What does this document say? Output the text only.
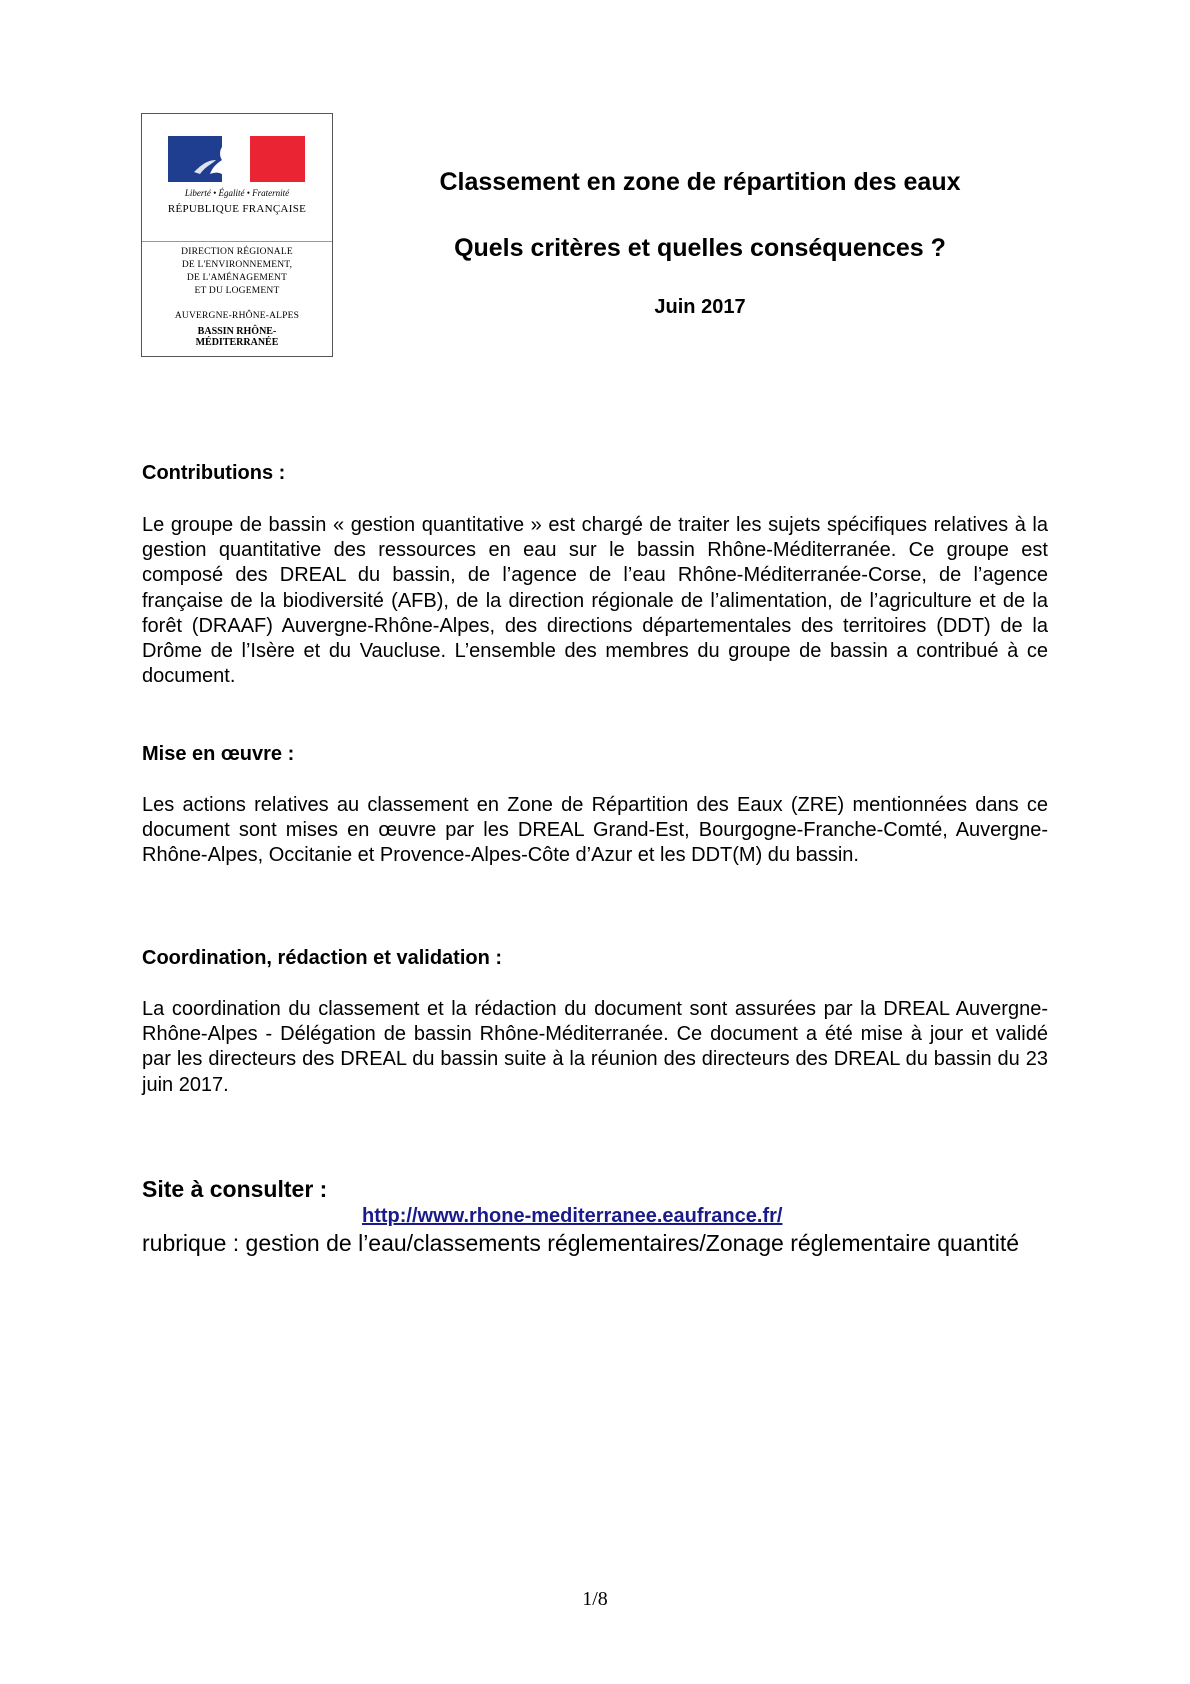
Liberté • Égalité • Fraternité
RÉPUBLIQUE FRANÇAISE
DIRECTION RÉGIONALE
DE L'ENVIRONNEMENT,
DE L'AMÉNAGEMENT
ET DU LOGEMENT
AUVERGNE-RHÔNE-ALPES
BASSIN RHÔNE-
MÉDITERRANÉE
Classement en zone de répartition des eaux
Quels critères et quelles conséquences ?
Juin 2017
Contributions :
Le groupe de bassin « gestion quantitative » est chargé de traiter les sujets spécifiques relatives à la gestion quantitative des ressources en eau sur le bassin Rhône-Méditerranée. Ce groupe est composé des DREAL du bassin, de l’agence de l’eau Rhône-Méditerranée-Corse, de l’agence française de la biodiversité (AFB), de la direction régionale de l’alimentation, de l’agriculture et de la forêt (DRAAF) Auvergne-Rhône-Alpes, des directions départementales des territoires (DDT) de la Drôme de l’Isère et du Vaucluse. L’ensemble des membres du groupe de bassin a contribué à ce document.
Mise en œuvre :
Les actions relatives au classement en Zone de Répartition des Eaux (ZRE) mentionnées dans ce document sont mises en œuvre par les DREAL Grand-Est, Bourgogne-Franche-Comté, Auvergne-Rhône-Alpes, Occitanie et Provence-Alpes-Côte d’Azur et les DDT(M) du bassin.
Coordination, rédaction et validation :
La coordination du classement et la rédaction du document sont assurées par la DREAL Auvergne-Rhône-Alpes - Délégation de bassin Rhône-Méditerranée. Ce document a été mise à jour et validé par les directeurs des DREAL du bassin suite à la réunion des directeurs des DREAL du bassin du 23 juin 2017.
Site à consulter :
http://www.rhone-mediterranee.eaufrance.fr/
rubrique : gestion de l’eau/classements réglementaires/Zonage réglementaire quantité
1/8
